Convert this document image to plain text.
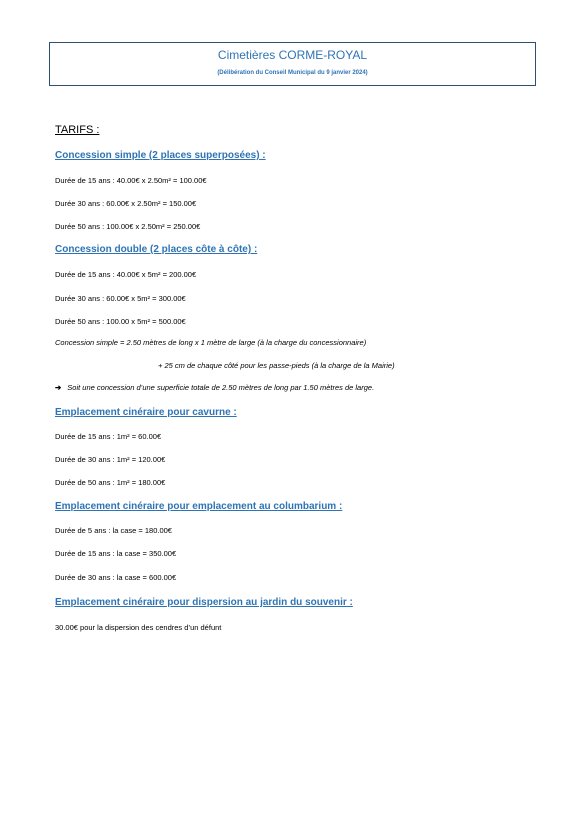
Cimetières CORME-ROYAL
(Délibération du Conseil Municipal du 9 janvier 2024)
TARIFS :
Concession simple (2 places superposées) :
Durée de 15 ans : 40.00€ x 2.50m² = 100.00€
Durée 30 ans : 60.00€ x 2.50m² = 150.00€
Durée 50 ans : 100.00€ x 2.50m² = 250.00€
Concession double (2 places côte à côte) :
Durée de 15 ans : 40.00€ x 5m² = 200.00€
Durée 30 ans : 60.00€ x 5m² = 300.00€
Durée 50 ans : 100.00 x 5m² = 500.00€
Concession simple = 2.50 mètres de long x 1 mètre de large (à la charge du concessionnaire)
+ 25 cm de chaque côté pour les passe-pieds (à la charge de la Mairie)
➔ Soit une concession d’une superficie totale de 2.50 mètres de long par 1.50 mètres de large.
Emplacement cinéraire pour cavurne :
Durée de 15 ans : 1m² = 60.00€
Durée de 30 ans : 1m² = 120.00€
Durée de 50 ans : 1m² = 180.00€
Emplacement cinéraire pour emplacement au columbarium :
Durée de 5 ans : la case = 180.00€
Durée de 15 ans : la case = 350.00€
Durée de 30 ans : la case = 600.00€
Emplacement cinéraire pour dispersion au jardin du souvenir :
30.00€ pour la dispersion des cendres d’un défunt
